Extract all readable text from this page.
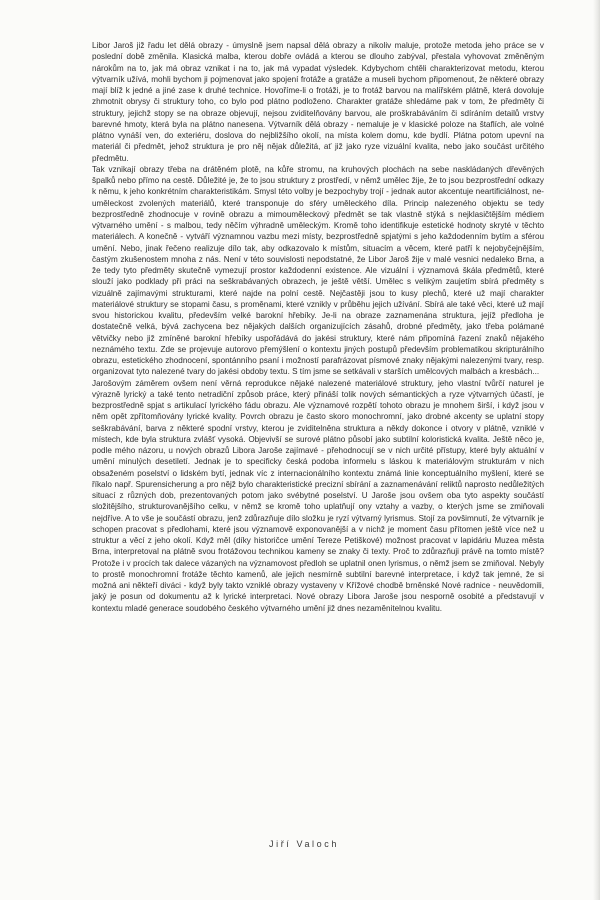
Libor Jaroš již řadu let dělá obrazy - úmyslně jsem napsal dělá obrazy a nikoliv maluje, protože metoda jeho práce se v poslední době změnila. Klasická malba, kterou dobře ovládá a kterou se dlouho zabýval, přestala vyhovovat změněným nárokům na to, jak má obraz vznikat i na to, jak má vypadat výsledek. Kdybychom chtěli charakterizovat metodu, kterou výtvarník užívá, mohli bychom ji pojmenovat jako spojení frotáže a gratáže a museli bychom připomenout, že některé obrazy mají blíž k jedné a jiné zase k druhé technice. Hovoříme-li o frotáži, je to frotáž barvou na malířském plátně, která dovoluje zhmotnit obrysy či struktury toho, co bylo pod plátno podloženo. Charakter gratáže shledáme pak v tom, že předměty či struktury, jejichž stopy se na obraze objevují, nejsou zviditelňovány barvou, ale proškrabáváním či sdíráním detailů vrstvy barevné hmoty, která byla na plátno nanesena. Výtvarník dělá obrazy - nemaluje je v klasické poloze na štaflích, ale volné plátno vynáší ven, do exteriéru, doslova do nejbližšího okolí, na místa kolem domu, kde bydlí. Plátna potom upevní na materiál či předmět, jehož struktura je pro něj nějak důležitá, ať již jako ryze vizuální kvalita, nebo jako součást určitého předmětu.

Tak vznikají obrazy třeba na drátěném plotě, na kůře stromu, na kruhových plochách na sebe naskládaných dřevěných špalků nebo přímo na cestě. Důležité je, že to jsou struktury z prostředí, v němž umělec žije, že to jsou bezprostřední odkazy k němu, k jeho konkrétním charakteristikám. Smysl této volby je bezpochyby trojí - jednak autor akcentuje neartificiálnost, ne-uměleckost zvolených materiálů, které transponuje do sféry uměleckého díla. Princip nalezeného objektu se tedy bezprostředně zhodnocuje v rovině obrazu a mimouměleckový předmět se tak vlastně stýká s nejklasičtějším médiem výtvarného umění - s malbou, tedy něčím výhradně uměleckým. Kromě toho identifikuje estetické hodnoty skryté v těchto materiálech. A konečně - vytváří významnou vazbu mezi místy, bezprostředně spjatými s jeho každodenním bytím a sférou umění. Nebo, jinak řečeno realizuje dílo tak, aby odkazovalo k místům, situacím a věcem, které patří k nejobyčejnějším, častým zkušenostem mnoha z nás. Není v této souvislosti nepodstatné, že Libor Jaroš žije v malé vesnici nedaleko Brna, a že tedy tyto předměty skutečně vymezují prostor každodenní existence. Ale vizuální i významová škála předmětů, které slouží jako podklady při práci na seškrabávaných obrazech, je ještě větší. Umělec s velikým zaujetím sbírá předměty s vizuálně zajímavými strukturami, které najde na polní cestě. Nejčastěji jsou to kusy plechů, které už mají charakter materiálové struktury se stopami času, s proměnami, které vznikly v průběhu jejich užívání. Sbírá ale také věci, které už mají svou historickou kvalitu, především velké barokní hřebíky. Je-li na obraze zaznamenána struktura, jejíž předloha je dostatečně velká, bývá zachycena bez nějakých dalších organizujících zásahů, drobné předměty, jako třeba polámané větvičky nebo již zmíněné barokní hřebíky uspořádává do jakési struktury, které nám připomíná řazení znaků nějakého neznámého textu. Zde se projevuje autorovo přemýšlení o kontextu jiných postupů především problematikou skripturálního obrazu, estetického zhodnocení, spontánního psaní i možností parafrázovat písmové znaky nějakými nalezenými tvary, resp. organizovat tyto nalezené tvary do jakési obdoby textu. S tím jsme se setkávali v starších umělcových malbách a kresbách...

Jarošovým záměrem ovšem není věrná reprodukce nějaké nalezené materiálové struktury, jeho vlastní tvůrčí naturel je výrazně lyrický a také tento netradiční způsob práce, který přináší tolik nových sémantických a ryze výtvarných účastí, je bezprostředně spjat s artikulací lyrického fádu obrazu. Ale významové rozpětí tohoto obrazu je mnohem širší, i když jsou v něm opět zpřítomňovány lyrické kvality. Povrch obrazu je často skoro monochromní, jako drobné akcenty se uplatní stopy seškrabávání, barva z některé spodní vrstvy, kterou je zviditelněna struktura a někdy dokonce i otvory v plátně, vzniklé v místech, kde byla struktura zvlášť vysoká. Objevivší se surové plátno působí jako subtilní koloristická kvalita. Ještě něco je, podle mého názoru, u nových obrazů Libora Jaroše zajímavé - přehodnocují se v nich určité přístupy, které byly aktuální v umění minulých desetiletí. Jednak je to specificky česká podoba informelu s láskou k materiálovým strukturám v nich obsaženém poselství o lidském bytí, jednak víc z internacionálního kontextu známá linie konceptuálního myšlení, které se říkalo např. Spurensicherung a pro nějž bylo charakteristické precizní sbírání a zaznamenávání reliktů naprosto nedůležitých situací z různých dob, prezentovaných potom jako svébytné poselství. U Jaroše jsou ovšem oba tyto aspekty součástí složitějšího, strukturovanějšího celku, v němž se kromě toho uplatňují ony vztahy a vazby, o kterých jsme se zmiňovali nejdříve. A to vše je součástí obrazu, jenž zdůrazňuje dílo složku je ryzí výtvarný lyrismus. Stojí za povšimnutí, že výtvarník je schopen pracovat s předlohami, které jsou významově exponovanější a v nichž je moment času přítomen ještě více než u struktur a věcí z jeho okolí. Když měl (díky historičce umění Tereze Petiškové) možnost pracovat v lapidáriu Muzea města Brna, interpretoval na plátně svou frotážovou technikou kameny se znaky či texty. Proč to zdůrazňuji právě na tomto místě? Protože i v procích tak dalece vázaných na významovost předloh se uplatnil onen lyrismus, o němž jsem se zmiňoval. Nebyly to prostě monochromní frotáže těchto kamenů, ale jejich nesmírně subtilní barevné interpretace, i když tak jemné, že si možná ani někteří diváci - když byly takto vzniklé obrazy vystaveny v Křížové chodbě brněnské Nové radnice - neuvědomili, jaký je posun od dokumentu až k lyrické interpretaci. Nové obrazy Libora Jaroše jsou nesporně osobité a představují v kontextu mladé generace soudobého českého výtvarného umění již dnes nezaměnitelnou kvalitu.

Jiří Valoch
